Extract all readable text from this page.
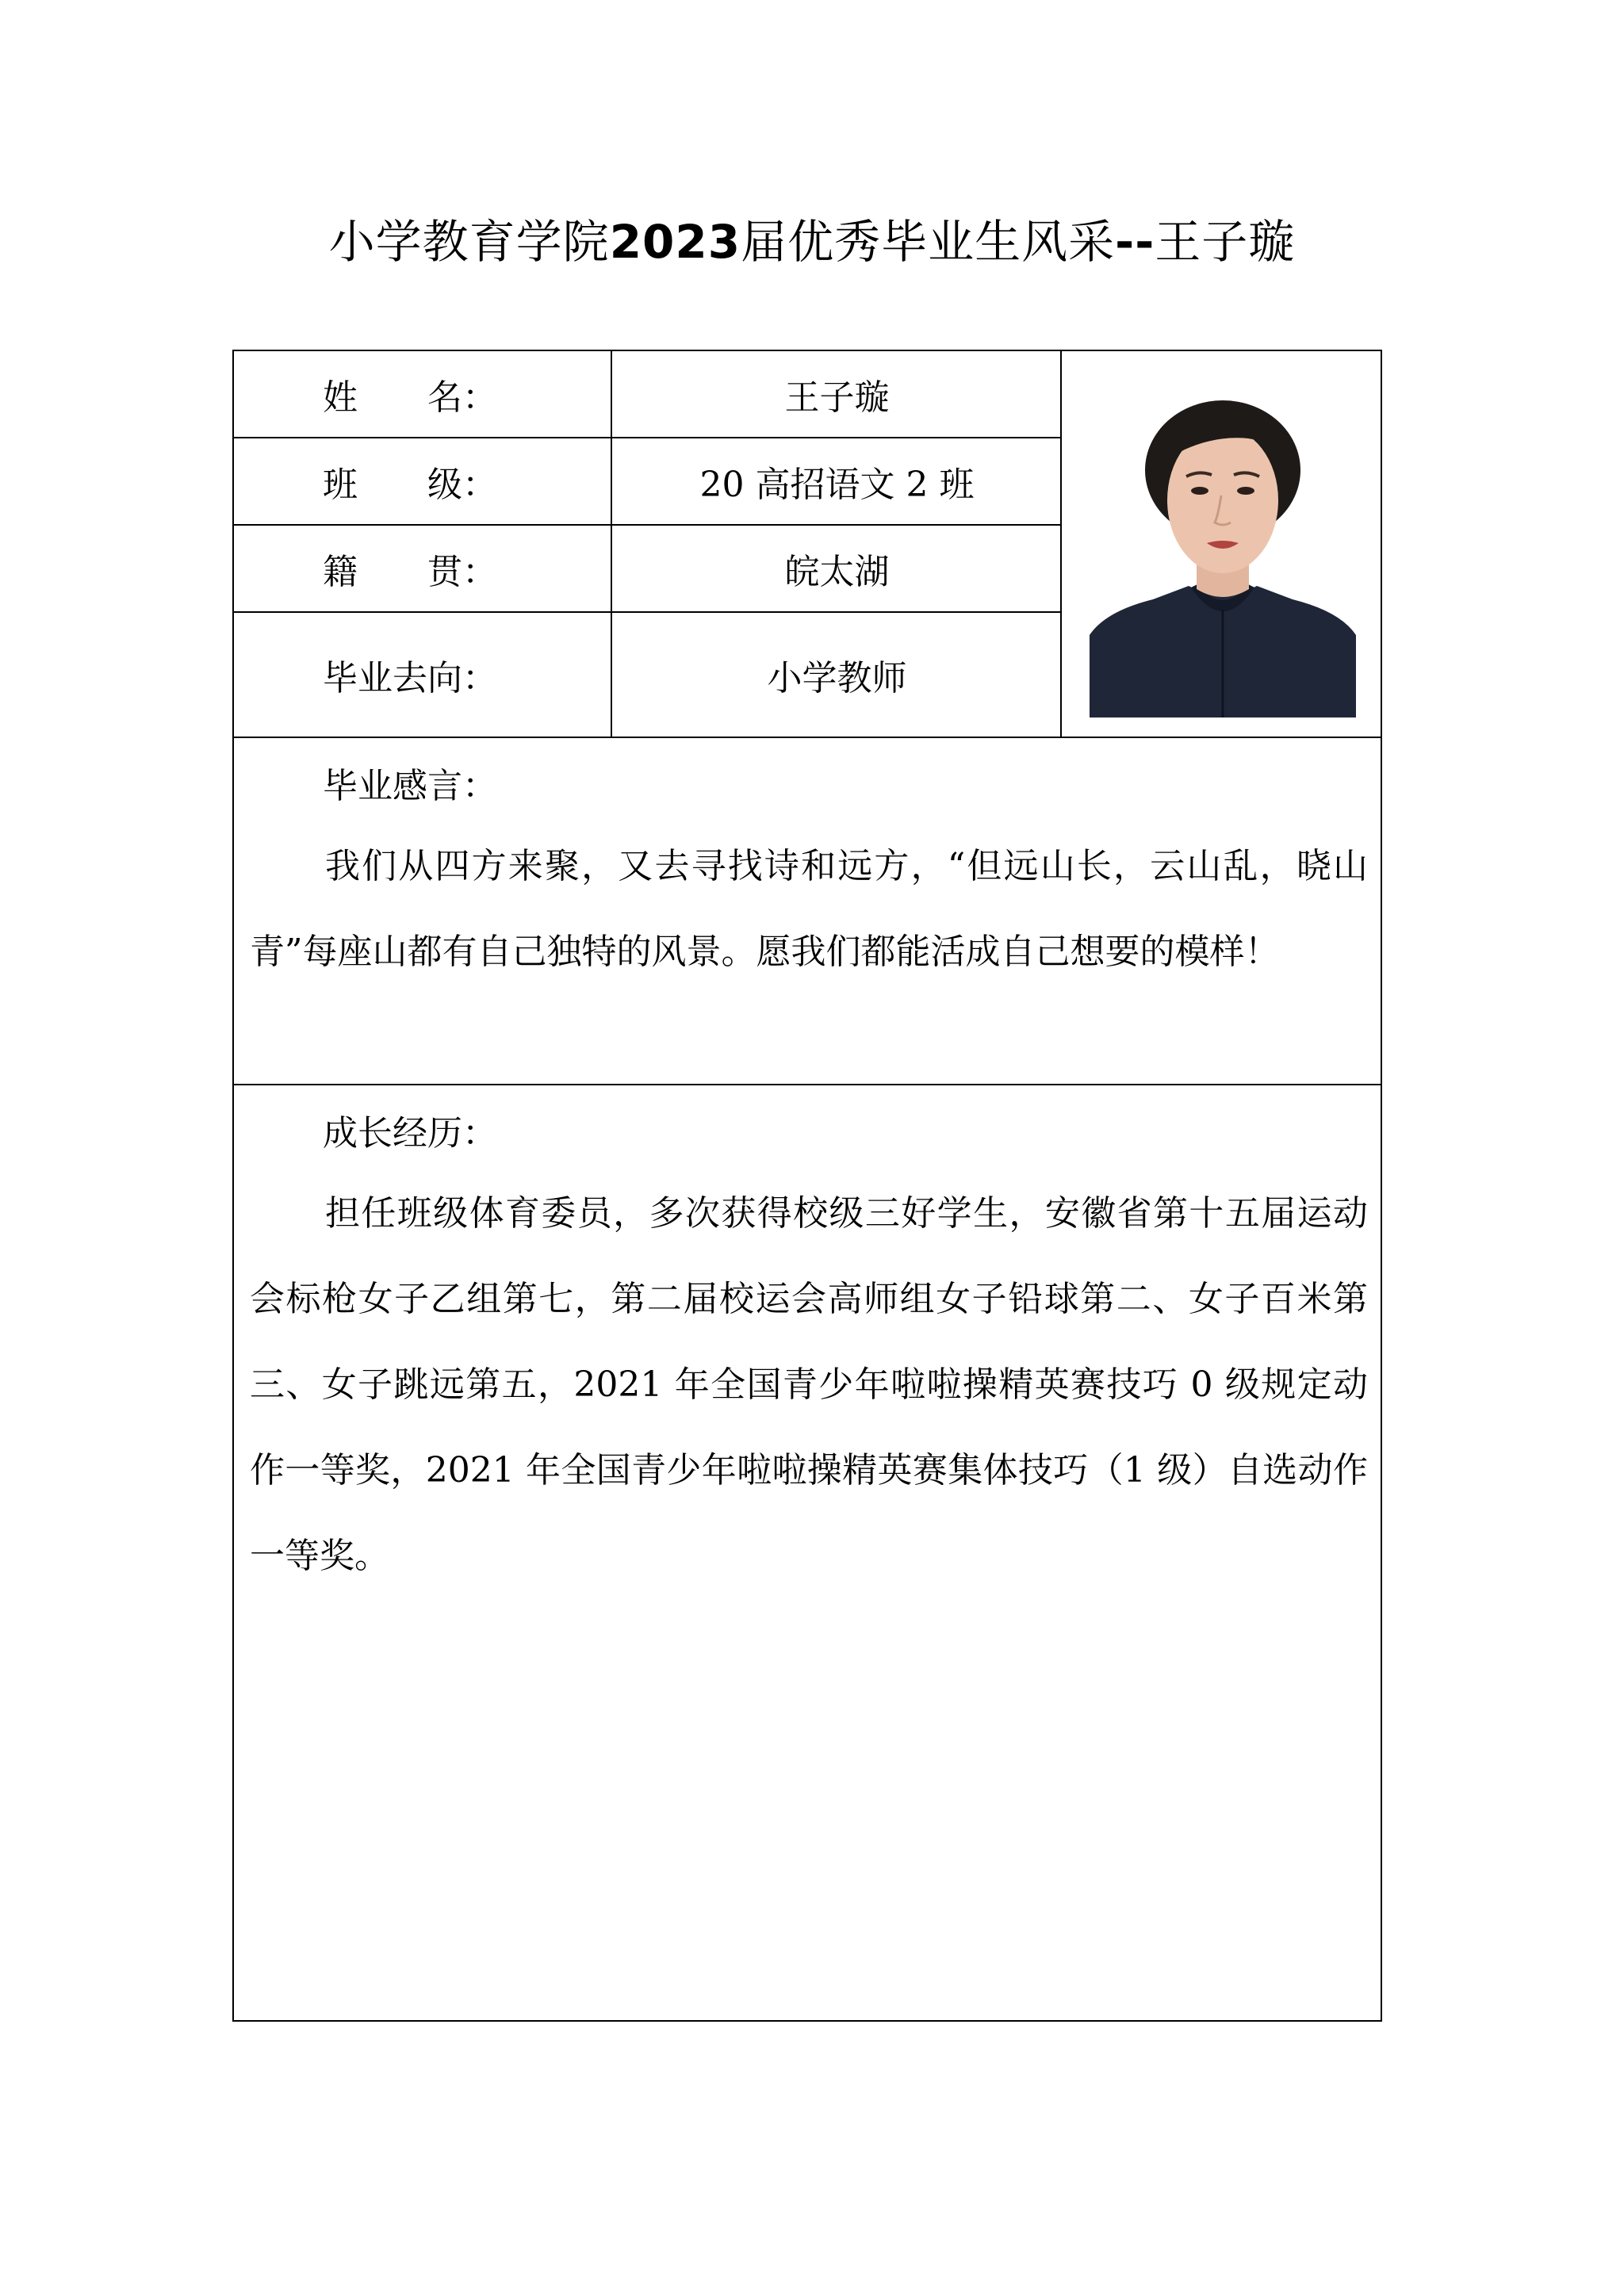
小学教育学院2023届优秀毕业生风采--王子璇
姓　　名：	王子璇
班　　级：	20 高招语文 2 班
籍　　贯：	皖太湖
毕业去向：	小学教师
毕业感言：
我们从四方来聚，又去寻找诗和远方，“但远山长，云山乱，晓山青”每座山都有自己独特的风景。愿我们都能活成自己想要的模样！
成长经历：
担任班级体育委员，多次获得校级三好学生，安徽省第十五届运动会标枪女子乙组第七，第二届校运会高师组女子铅球第二、女子百米第三、女子跳远第五，2021 年全国青少年啦啦操精英赛技巧 0 级规定动作一等奖，2021 年全国青少年啦啦操精英赛集体技巧（1 级）自选动作一等奖。
